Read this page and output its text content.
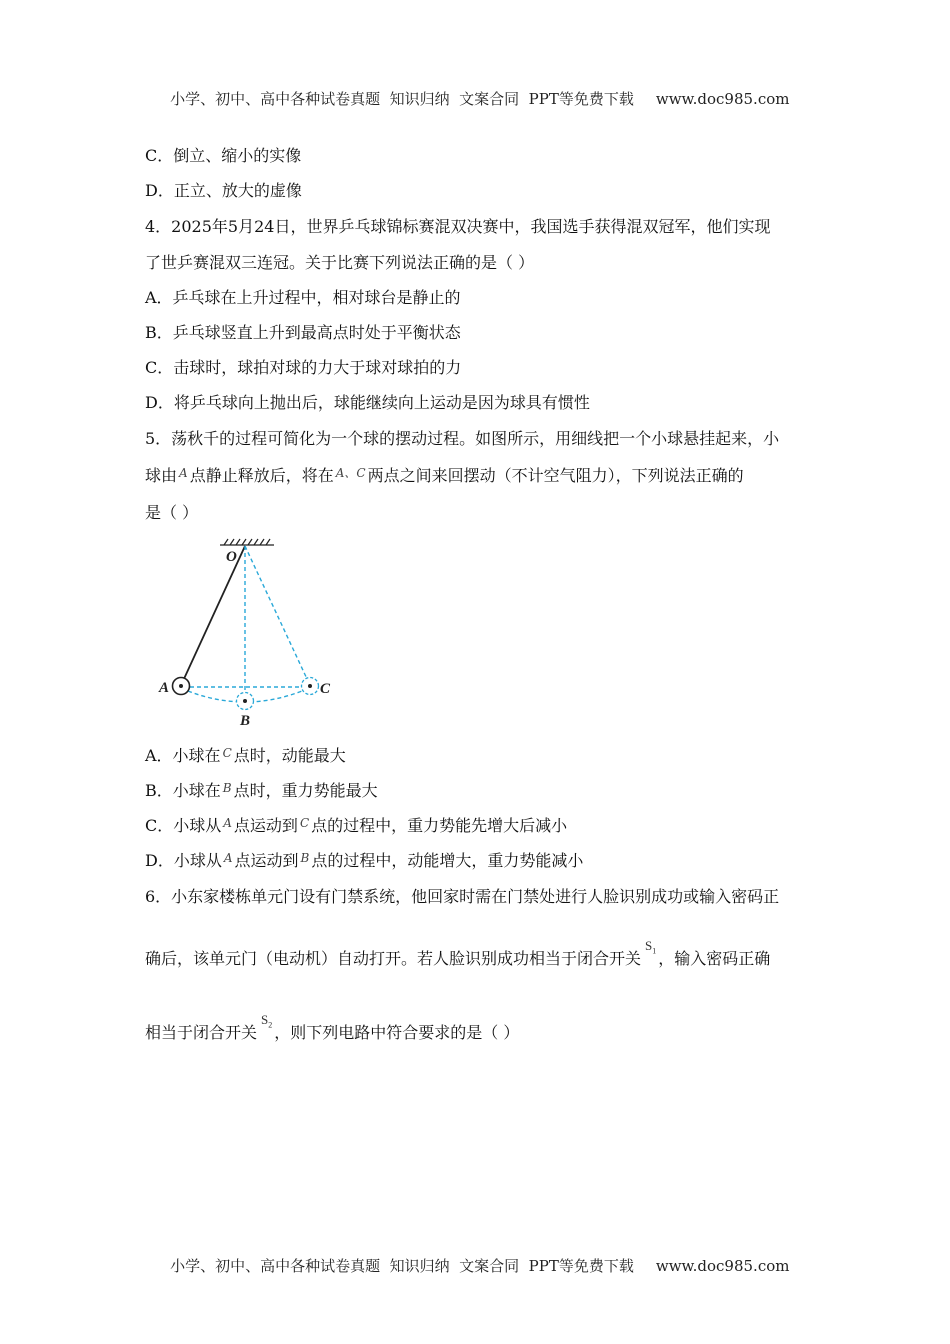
小学、初中、高中各种试卷真题  知识归纳  文案合同  PPT等免费下载 www.doc985.com

C．倒立、缩小的实像
D．正立、放大的虚像
4．2025年5月24日，世界乒乓球锦标赛混双决赛中，我国选手获得混双冠军，他们实现
了世乒赛混双三连冠。关于比赛下列说法正确的是（ ）
A．乒乓球在上升过程中，相对球台是静止的
B．乒乓球竖直上升到最高点时处于平衡状态
C．击球时，球拍对球的力大于球对球拍的力
D．将乒乓球向上抛出后，球能继续向上运动是因为球具有惯性
5．荡秋千的过程可简化为一个球的摆动过程。如图所示，用细线把一个小球悬挂起来，小
球由 $^A$ 点静止释放后，将在 $^{A、C}$ 两点之间来回摆动（不计空气阻力），下列说法正确的
是（ ）
O
A
B
C
A．小球在 $^C$ 点时，动能最大
B．小球在 $^B$ 点时，重力势能最大
C．小球从 $^A$ 点运动到 $^C$ 点的过程中，重力势能先增大后减小
D．小球从 $^A$ 点运动到 $^B$ 点的过程中，动能增大，重力势能减小
6．小东家楼栋单元门设有门禁系统，他回家时需在门禁处进行人脸识别成功或输入密码正
确后，该单元门（电动机）自动打开。若人脸识别成功相当于闭合开关$^{S_1}$ ，输入密码正确
相当于闭合开关$^{S_2}$ ，则下列电路中符合要求的是（ ）

小学、初中、高中各种试卷真题  知识归纳  文案合同  PPT等免费下载 www.doc985.com
